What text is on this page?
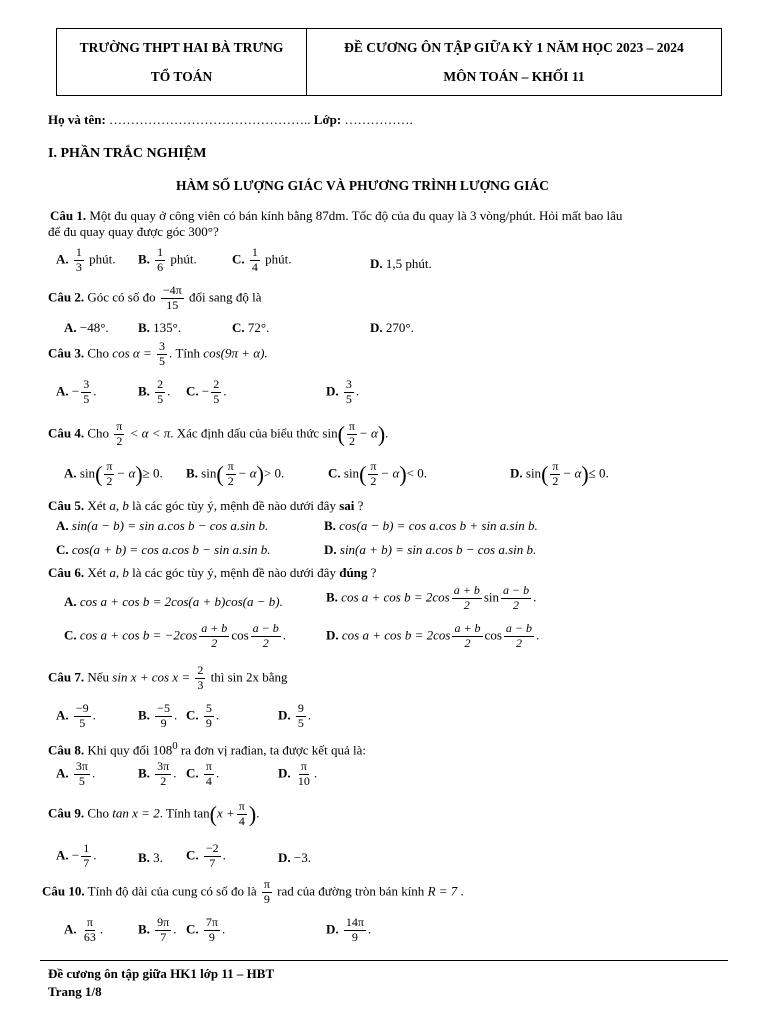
TRƯỜNG THPT HAI BÀ TRƯNG
TỔ TOÁN
ĐỀ CƯƠNG ÔN TẬP GIỮA KỲ 1 NĂM HỌC 2023 – 2024
MÔN TOÁN – KHỐI 11
Họ và tên: ……………………………………….. Lớp: …………….
I. PHẦN TRẮC NGHIỆM
HÀM SỐ LƯỢNG GIÁC VÀ PHƯƠNG TRÌNH LƯỢNG GIÁC
Câu 1. Một đu quay ở công viên có bán kính bằng 87dm. Tốc độ của đu quay là 3 vòng/phút. Hỏi mất bao lâu
để đu quay quay được góc 300°?
A. $\frac{1}{3}$ phút. B. $\frac{1}{6}$ phút.	C. $\frac{1}{4}$ phút.	D. 1,5 phút.
Câu 2. Góc có số đo $\frac{-4\pi}{15}$ đổi sang độ là
A. −48°. B. 135°.	C. 72°.	D. 270°.
Câu 3. Cho $\cos \alpha = \frac{3}{5}$ . Tính cos(9π + α).
A. − $\frac{3}{5}$ .	B. $\frac{2}{5}$ . C. − $\frac{2}{5}$ .	D. $\frac{3}{5}$ .
Câu 4. Cho $\frac{\pi}{2} < \alpha < \pi$. Xác định dấu của biểu thức $\sin( \frac{\pi}{2} - \alpha)$.
A. $\sin( \frac{\pi}{2} - \alpha)\ge 0$. B. $\sin( \frac{\pi}{2} - \alpha)> 0$.	C. $\sin( \frac{\pi}{2} - \alpha)< 0$.	D. $\sin( \frac{\pi}{2} - \alpha)\le 0$.
Câu 5. Xét a, b là các góc tùy ý, mệnh đề nào dưới đây sai ?
A. sin(a − b) = sin a.cos b − cos a.sin b.	B. cos(a − b) = cos a.cos b + sin a.sin b.
C. cos(a + b) = cos a.cos b − sin a.sin b.	D. sin(a + b) = sin a.cos b − cos a.sin b.
Câu 6. Xét a, b là các góc tùy ý, mệnh đề nào dưới đây đúng ?
A. cos a + cos b = 2cos(a + b)cos(a − b).	B. $\cos a + \cos b = 2\cos \frac{a + b}{2}$ $\sin \frac{a - b}{2}$ .
C. $\cos a + \cos b = -2\cos \frac{a + b}{2}$ $\cos \frac{a - b}{2}$ .	D. $\cos a + \cos b = 2\cos \frac{a + b}{2}$ $\cos \frac{a - b}{2}$ .
Câu 7. Nếu $\sin x + \cos x = \frac{2}{3}$ thì sin 2x bằng
A. $\frac{-9}{5}$ .	B. $\frac{-5}{9}$ . C. $\frac{5}{9}$ .	D. $\frac{9}{5}$ .
Câu 8. Khi quy đổi $108^0$ ra đơn vị rađian, ta được kết quả là:
A. $\frac{3\pi}{5}$ .	B. $\frac{3\pi}{2}$ . C. $\frac{\pi}{4}$ .	D. $\frac{\pi}{10}$ .
Câu 9. Cho tan x = 2. Tính $\tan(x + \frac{\pi}{4}$ ).
A. − $\frac{1}{7}$ .	B. 3. C. $\frac{-2}{7}$ .	D. −3.
Câu 10. Tính độ dài của cung có số đo là $\frac{\pi}{9}$ rad của đường tròn bán kính R = 7 .
A. $\frac{\pi}{63}$ .	B. $\frac{9\pi}{7}$ . C. $\frac{7\pi}{9}$ .	D. $\frac{14\pi}{9}$ .
Đề cương ôn tập giữa HK1 lớp 11 – HBT
Trang 1/8
